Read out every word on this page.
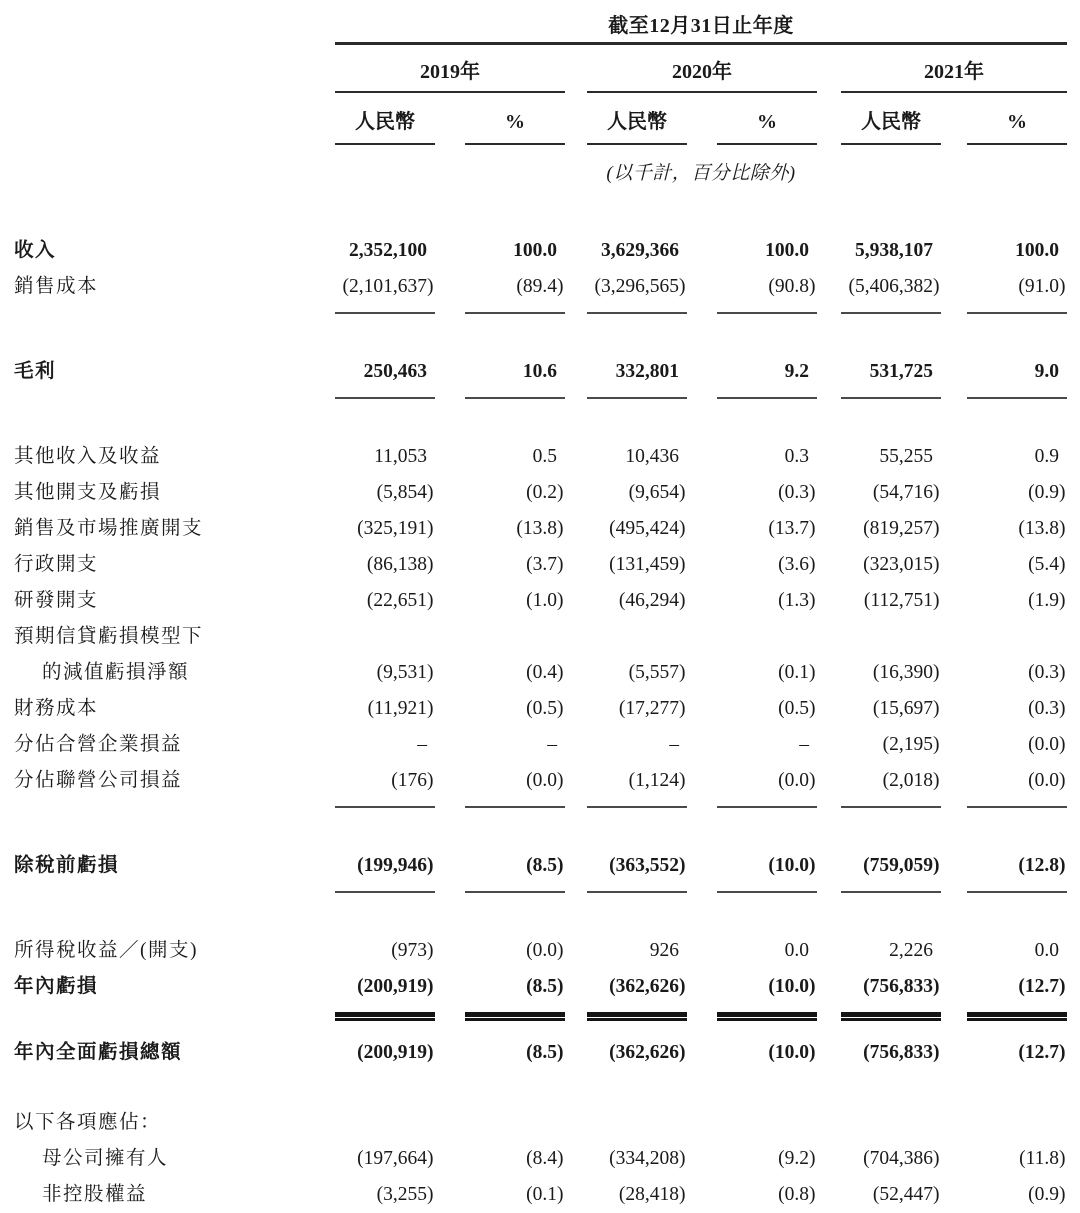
截至12月31日止年度
2019年	2020年	2021年
人民幣	%	人民幣	%	人民幣	%
(以千計，百分比除外)
收入	2,352,100	100.0	3,629,366	100.0	5,938,107	100.0
銷售成本	(2,101,637)	(89.4)	(3,296,565)	(90.8)	(5,406,382)	(91.0)
毛利	250,463	10.6	332,801	9.2	531,725	9.0
其他收入及收益	11,053	0.5	10,436	0.3	55,255	0.9
其他開支及虧損	(5,854)	(0.2)	(9,654)	(0.3)	(54,716)	(0.9)
銷售及市場推廣開支	(325,191)	(13.8)	(495,424)	(13.7)	(819,257)	(13.8)
行政開支	(86,138)	(3.7)	(131,459)	(3.6)	(323,015)	(5.4)
研發開支	(22,651)	(1.0)	(46,294)	(1.3)	(112,751)	(1.9)
預期信貸虧損模型下
的減值虧損淨額	(9,531)	(0.4)	(5,557)	(0.1)	(16,390)	(0.3)
財務成本	(11,921)	(0.5)	(17,277)	(0.5)	(15,697)	(0.3)
分佔合營企業損益	–	–	–	–	(2,195)	(0.0)
分佔聯營公司損益	(176)	(0.0)	(1,124)	(0.0)	(2,018)	(0.0)
除稅前虧損	(199,946)	(8.5)	(363,552)	(10.0)	(759,059)	(12.8)
所得稅收益／(開支)	(973)	(0.0)	926	0.0	2,226	0.0
年內虧損	(200,919)	(8.5)	(362,626)	(10.0)	(756,833)	(12.7)
年內全面虧損總額	(200,919)	(8.5)	(362,626)	(10.0)	(756,833)	(12.7)
以下各項應佔：
母公司擁有人	(197,664)	(8.4)	(334,208)	(9.2)	(704,386)	(11.8)
非控股權益	(3,255)	(0.1)	(28,418)	(0.8)	(52,447)	(0.9)
